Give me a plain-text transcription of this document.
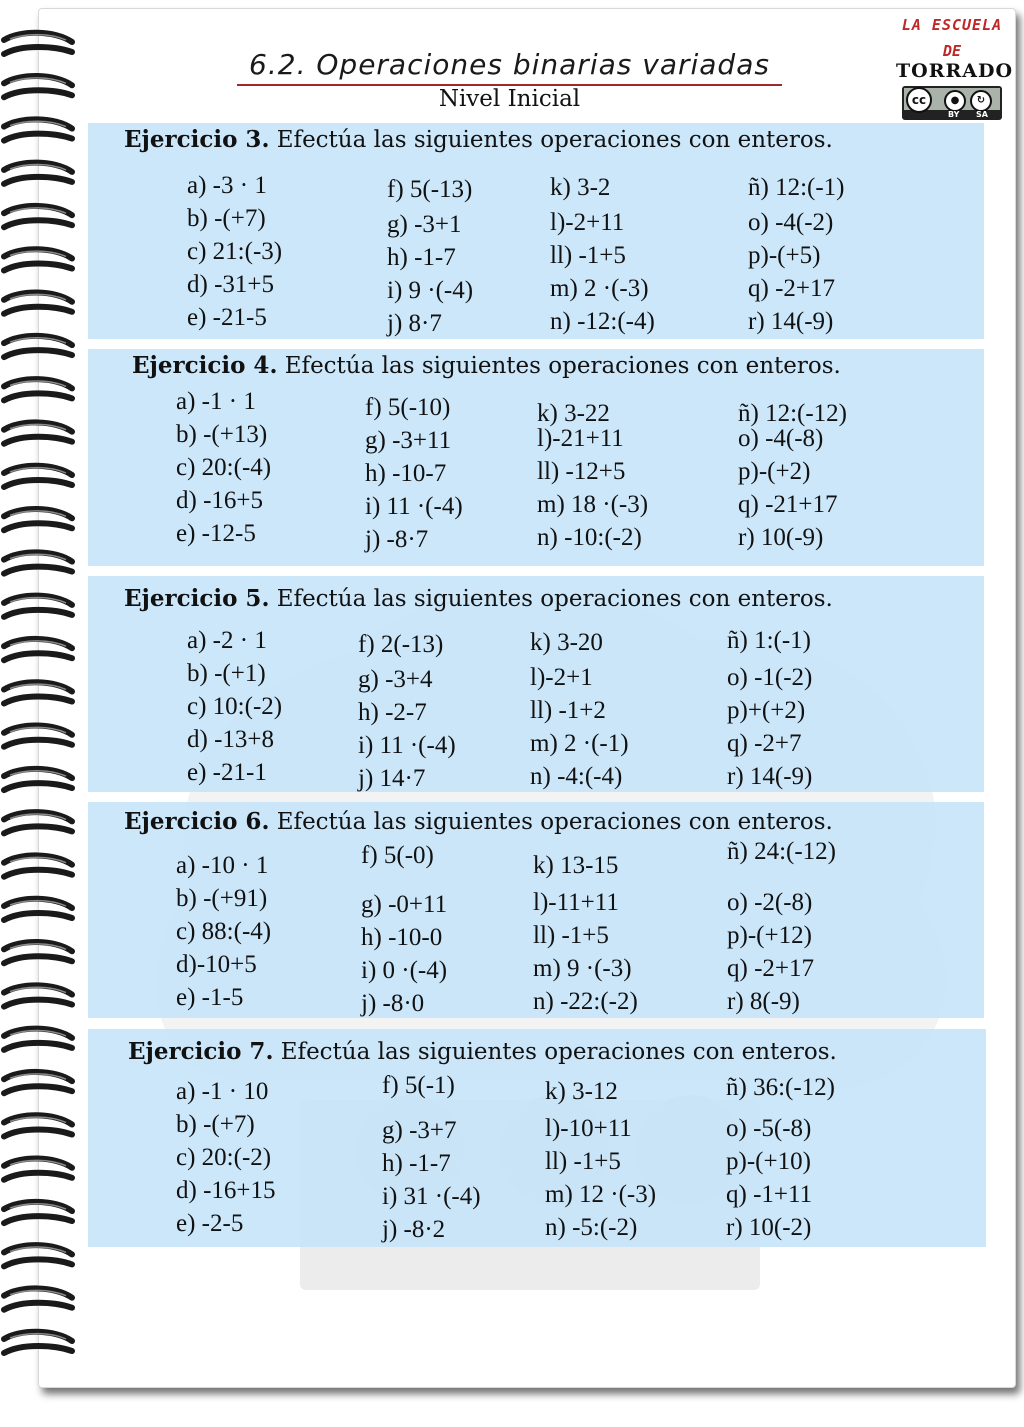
6.2. Operaciones binarias variadas
Nivel Inicial
LA ESCUELA
DE
TORRADO
cc	●	↻
BY SA
Ejercicio 3. Efectúa las siguientes operaciones con enteros.
a) -3 · 1
b) -(+7)
c) 21:(-3)
d) -31+5
e) -21-5
f) 5(-13)
g) -3+1
h) -1-7
i) 9 ·(-4)
j) 8·7
k) 3-2
l)-2+11
ll) -1+5
m) 2 ·(-3)
n) -12:(-4)
ñ) 12:(-1)
o) -4(-2)
p)-(+5)
q) -2+17
r) 14(-9)
Ejercicio 4. Efectúa las siguientes operaciones con enteros.
a) -1 · 1
b) -(+13)
c) 20:(-4)
d) -16+5
e) -12-5
f) 5(-10)
g) -3+11
h) -10-7
i) 11 ·(-4)
j) -8·7
k) 3-22
l)-21+11
ll) -12+5
m) 18 ·(-3)
n) -10:(-2)
ñ) 12:(-12)
o) -4(-8)
p)-(+2)
q) -21+17
r) 10(-9)
Ejercicio 5. Efectúa las siguientes operaciones con enteros.
a) -2 · 1
b) -(+1)
c) 10:(-2)
d) -13+8
e) -21-1
f) 2(-13)
g) -3+4
h) -2-7
i) 11 ·(-4)
j) 14·7
k) 3-20
l)-2+1
ll) -1+2
m) 2 ·(-1)
n) -4:(-4)
ñ) 1:(-1)
o) -1(-2)
p)+(+2)
q) -2+7
r) 14(-9)
Ejercicio 6. Efectúa las siguientes operaciones con enteros.
a) -10 · 1
b) -(+91)
c) 88:(-4)
d)-10+5
e) -1-5
f) 5(-0)
g) -0+11
h) -10-0
i) 0 ·(-4)
j) -8·0
k) 13-15
l)-11+11
ll) -1+5
m) 9 ·(-3)
n) -22:(-2)
ñ) 24:(-12)
o) -2(-8)
p)-(+12)
q) -2+17
r) 8(-9)
Ejercicio 7. Efectúa las siguientes operaciones con enteros.
a) -1 · 10
b) -(+7)
c) 20:(-2)
d) -16+15
e) -2-5
f) 5(-1)
g) -3+7
h) -1-7
i) 31 ·(-4)
j) -8·2
k) 3-12
l)-10+11
ll) -1+5
m) 12 ·(-3)
n) -5:(-2)
ñ) 36:(-12)
o) -5(-8)
p)-(+10)
q) -1+11
r) 10(-2)
